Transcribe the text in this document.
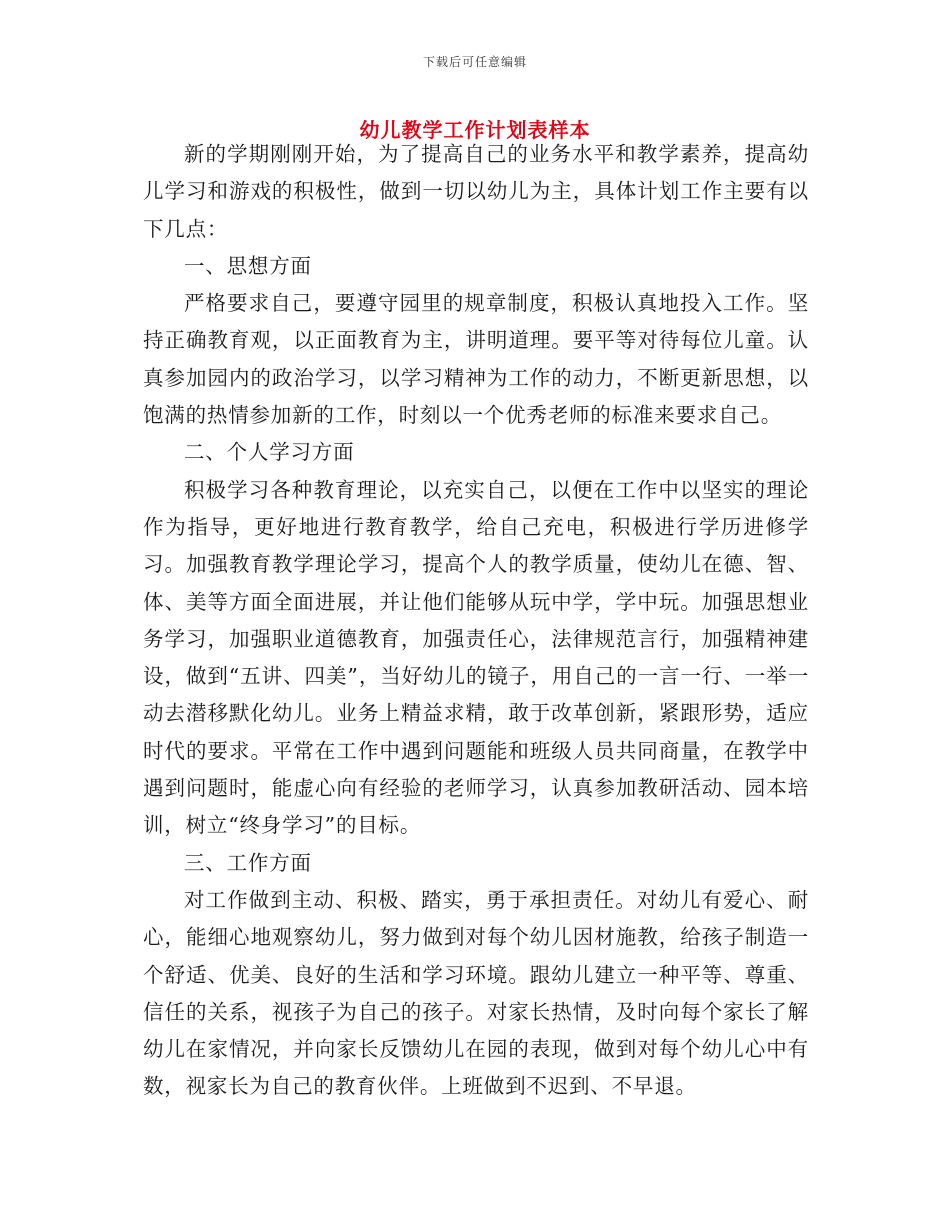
下载后可任意编辑
幼儿教学工作计划表样本

新的学期刚刚开始，为了提高自己的业务水平和教学素养，提高幼儿学习和游戏的积极性，做到一切以幼儿为主，具体计划工作主要有以下几点：

一、思想方面

严格要求自己，要遵守园里的规章制度，积极认真地投入工作。坚持正确教育观，以正面教育为主，讲明道理。要平等对待每位儿童。认真参加园内的政治学习，以学习精神为工作的动力，不断更新思想，以饱满的热情参加新的工作，时刻以一个优秀老师的标准来要求自己。

二、个人学习方面

积极学习各种教育理论，以充实自己，以便在工作中以坚实的理论作为指导，更好地进行教育教学，给自己充电，积极进行学历进修学习。加强教育教学理论学习，提高个人的教学质量，使幼儿在德、智、体、美等方面全面进展，并让他们能够从玩中学，学中玩。加强思想业务学习，加强职业道德教育，加强责任心，法律规范言行，加强精神建设，做到“五讲、四美”，当好幼儿的镜子，用自己的一言一行、一举一动去潜移默化幼儿。业务上精益求精，敢于改革创新，紧跟形势，适应时代的要求。平常在工作中遇到问题能和班级人员共同商量，在教学中遇到问题时，能虚心向有经验的老师学习，认真参加教研活动、园本培训，树立“终身学习”的目标。

三、工作方面

对工作做到主动、积极、踏实，勇于承担责任。对幼儿有爱心、耐心，能细心地观察幼儿，努力做到对每个幼儿因材施教，给孩子制造一个舒适、优美、良好的生活和学习环境。跟幼儿建立一种平等、尊重、信任的关系，视孩子为自己的孩子。对家长热情，及时向每个家长了解幼儿在家情况，并向家长反馈幼儿在园的表现，做到对每个幼儿心中有数，视家长为自己的教育伙伴。上班做到不迟到、不早退。
